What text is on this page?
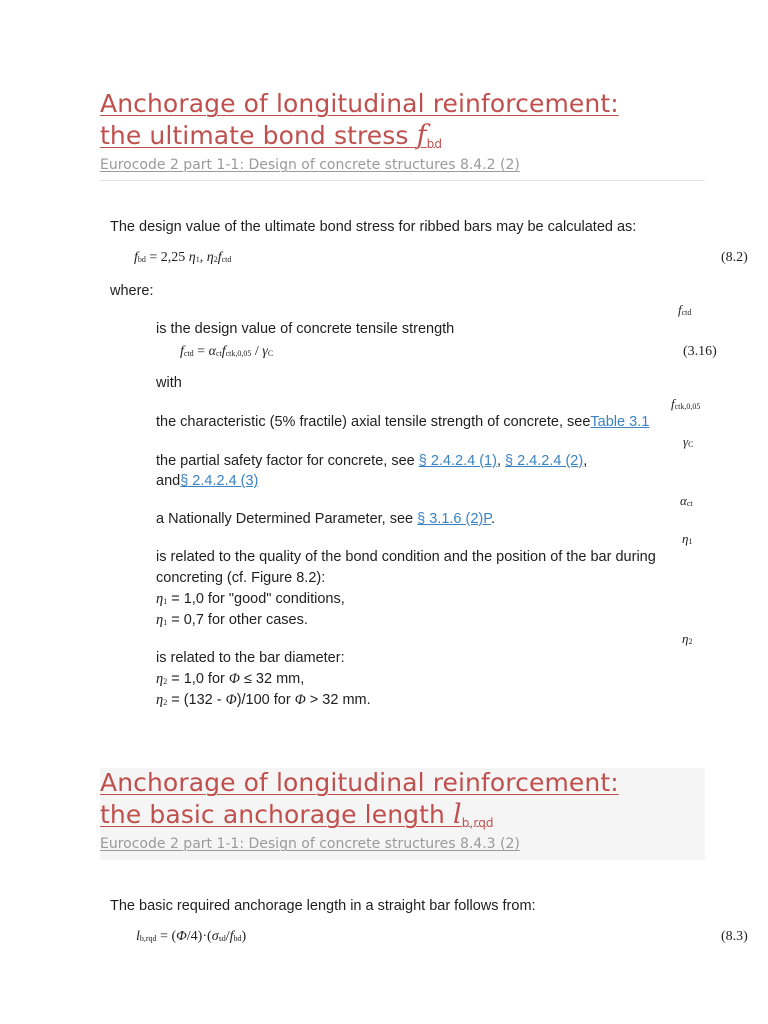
Anchorage of longitudinal reinforcement:
the ultimate bond stress $f_{bd}$
Eurocode 2 part 1-1: Design of concrete structures 8.4.2 (2)
The design value of the ultimate bond stress for ribbed bars may be calculated as:
fbd = 2,25 η1, η2fctd	(8.2)
where:
fctd
is the design value of concrete tensile strength
fctd = αctfctk,0,05 / γC	(3.16)
with
fctk,0,05
the characteristic (5% fractile) axial tensile strength of concrete, seeTable 3.1
γC
the partial safety factor for concrete, see § 2.4.2.4 (1), § 2.4.2.4 (2),
and§ 2.4.2.4 (3)
αct
a Nationally Determined Parameter, see § 3.1.6 (2)P.
η1
is related to the quality of the bond condition and the position of the bar during
concreting (cf. Figure 8.2):
η1 = 1,0 for "good" conditions,
η1 = 0,7 for other cases.
η2
is related to the bar diameter:
η2 = 1,0 for Φ ≤ 32 mm,
η2 = (132 - Φ)/100 for Φ > 32 mm.
Anchorage of longitudinal reinforcement:
the basic anchorage length $l_{b,rqd}$
Eurocode 2 part 1-1: Design of concrete structures 8.4.3 (2)
The basic required anchorage length in a straight bar follows from:
lb,rqd = (Φ/4)·(σsd/fbd)	(8.3)
